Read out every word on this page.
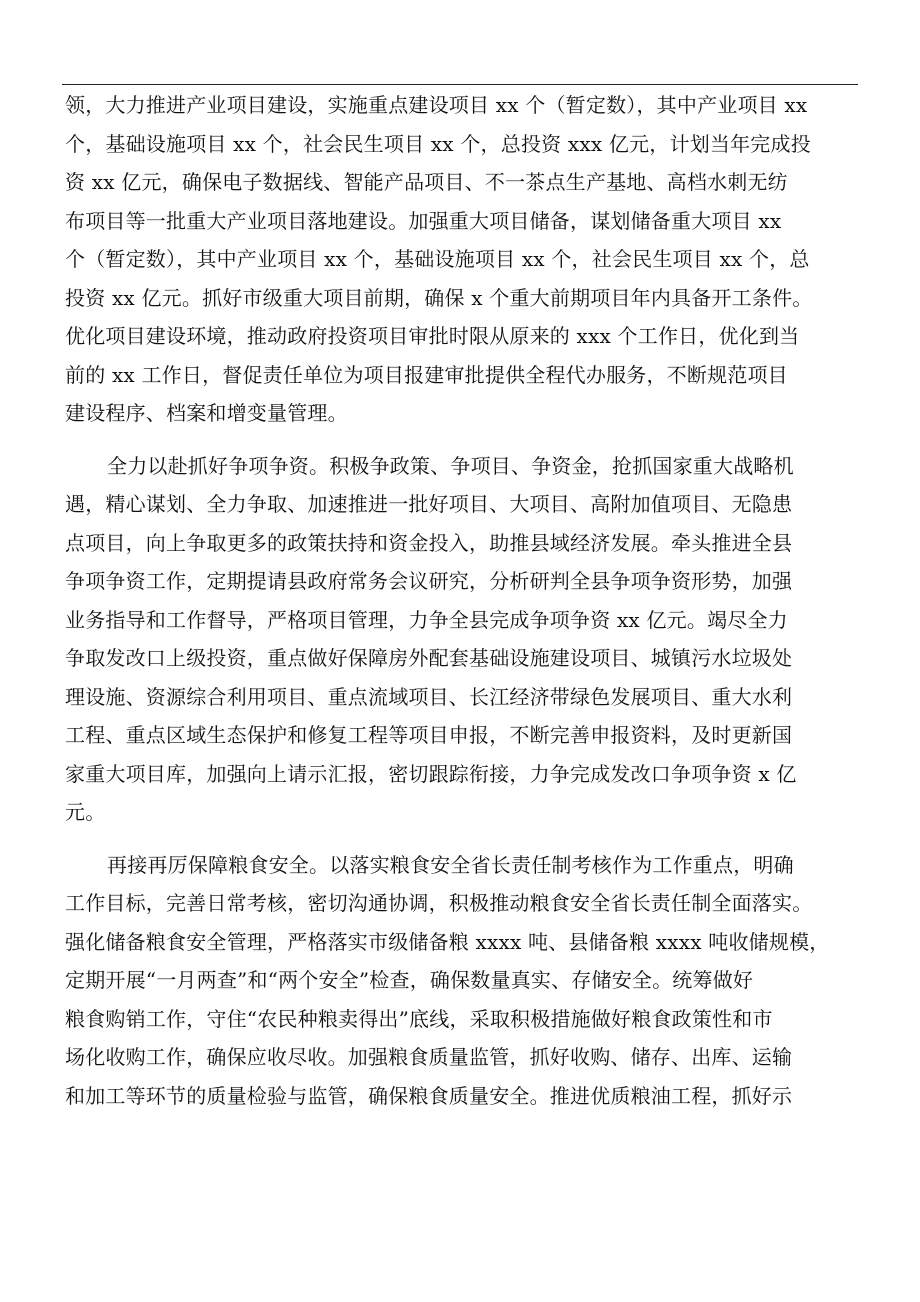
领，大力推进产业项目建设，实施重点建设项目 xx 个（暂定数），其中产业项目 xx
个，基础设施项目 xx 个，社会民生项目 xx 个，总投资 xxx 亿元，计划当年完成投
资 xx 亿元，确保电子数据线、智能产品项目、不一茶点生产基地、高档水刺无纺
布项目等一批重大产业项目落地建设。加强重大项目储备，谋划储备重大项目 xx
个（暂定数），其中产业项目 xx 个，基础设施项目 xx 个，社会民生项目 xx 个，总
投资 xx 亿元。抓好市级重大项目前期，确保 x 个重大前期项目年内具备开工条件。
优化项目建设环境，推动政府投资项目审批时限从原来的 xxx 个工作日，优化到当
前的 xx 工作日，督促责任单位为项目报建审批提供全程代办服务，不断规范项目
建设程序、档案和增变量管理。
全力以赴抓好争项争资。积极争政策、争项目、争资金，抢抓国家重大战略机
遇，精心谋划、全力争取、加速推进一批好项目、大项目、高附加值项目、无隐患
点项目，向上争取更多的政策扶持和资金投入，助推县域经济发展。牵头推进全县
争项争资工作，定期提请县政府常务会议研究，分析研判全县争项争资形势，加强
业务指导和工作督导，严格项目管理，力争全县完成争项争资 xx 亿元。竭尽全力
争取发改口上级投资，重点做好保障房外配套基础设施建设项目、城镇污水垃圾处
理设施、资源综合利用项目、重点流域项目、长江经济带绿色发展项目、重大水利
工程、重点区域生态保护和修复工程等项目申报，不断完善申报资料，及时更新国
家重大项目库，加强向上请示汇报，密切跟踪衔接，力争完成发改口争项争资 x 亿
元。
再接再厉保障粮食安全。以落实粮食安全省长责任制考核作为工作重点，明确
工作目标，完善日常考核，密切沟通协调，积极推动粮食安全省长责任制全面落实。
强化储备粮食安全管理，严格落实市级储备粮 xxxx 吨、县储备粮 xxxx 吨收储规模，
定期开展“一月两查”和“两个安全”检查，确保数量真实、存储安全。统筹做好
粮食购销工作，守住“农民种粮卖得出”底线，采取积极措施做好粮食政策性和市
场化收购工作，确保应收尽收。加强粮食质量监管，抓好收购、储存、出库、运输
和加工等环节的质量检验与监管，确保粮食质量安全。推进优质粮油工程，抓好示
